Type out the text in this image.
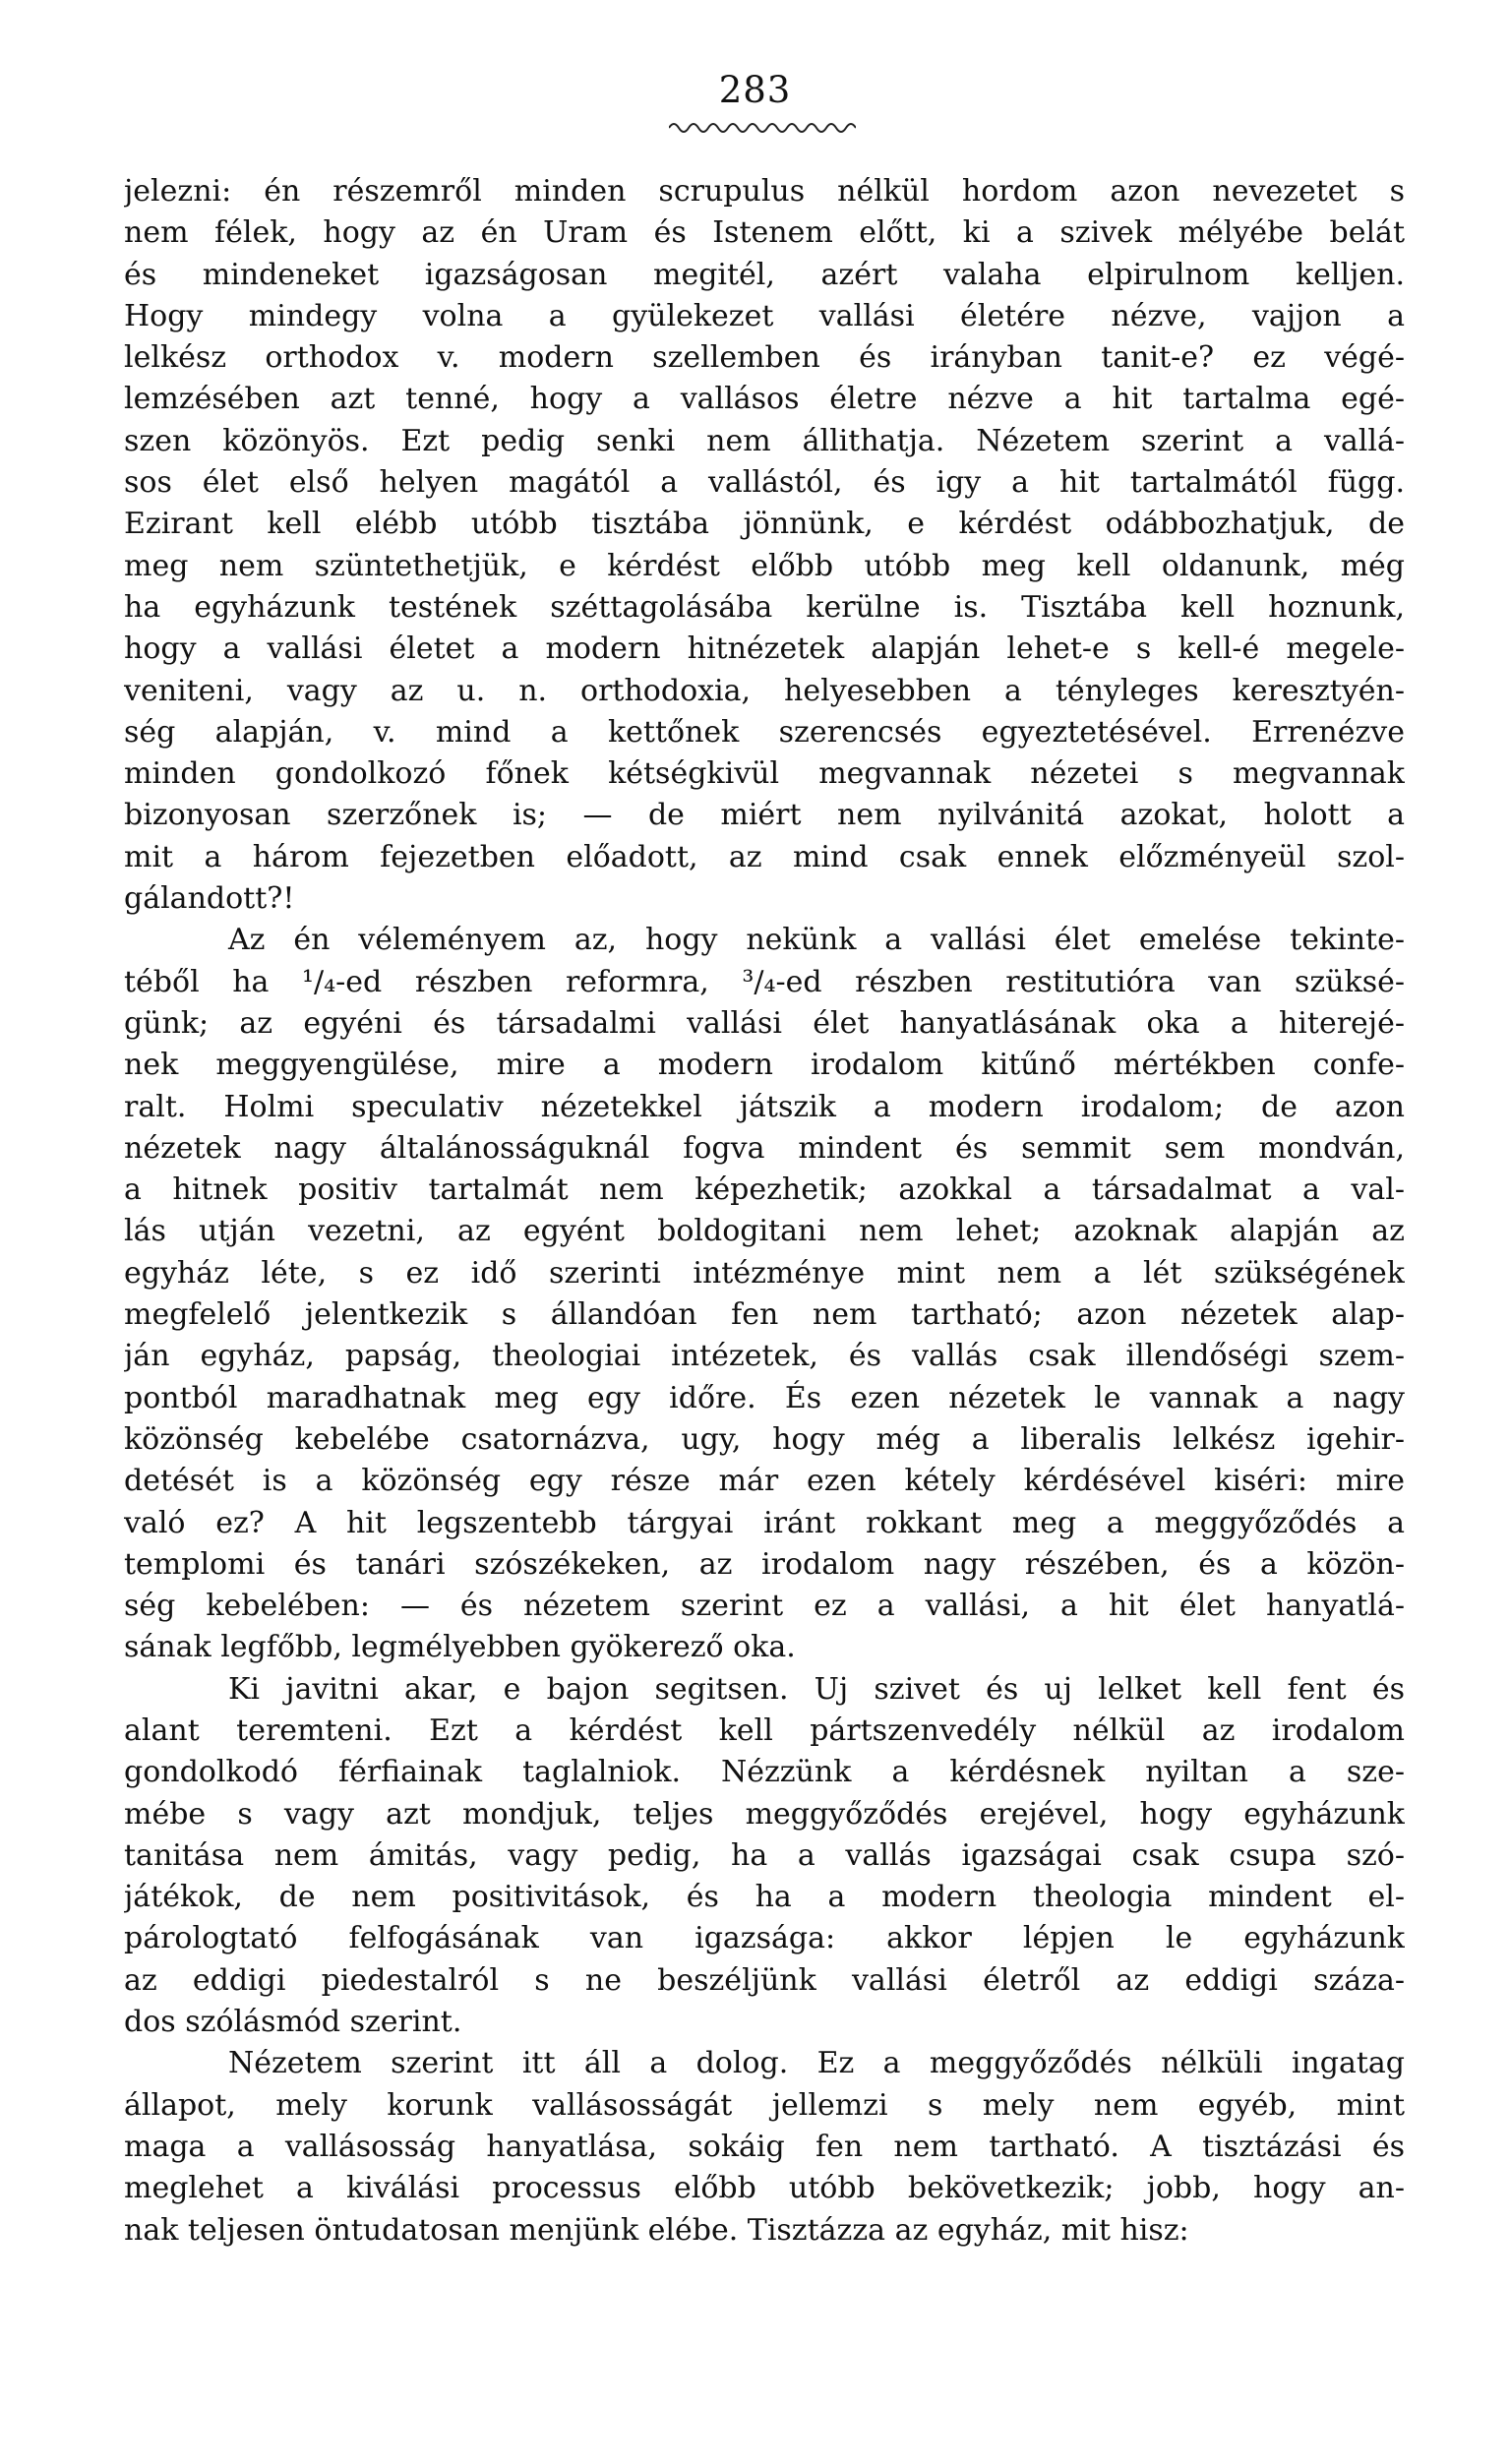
283
jelezni: én részemről minden scrupulus nélkül hordom azon nevezetet s
nem félek, hogy az én Uram és Istenem előtt, ki a szivek mélyébe belát
és mindeneket igazságosan megitél, azért valaha elpirulnom kelljen.
Hogy mindegy volna a gyülekezet vallási életére nézve, vajjon a
lelkész orthodox v. modern szellemben és irányban tanit-e? ez végé-
lemzésében azt tenné, hogy a vallásos életre nézve a hit tartalma egé-
szen közönyös. Ezt pedig senki nem állithatja. Nézetem szerint a vallá-
sos élet első helyen magától a vallástól, és igy a hit tartalmától függ.
Ezirant kell elébb utóbb tisztába jönnünk, e kérdést odábbozhatjuk, de
meg nem szüntethetjük, e kérdést előbb utóbb meg kell oldanunk, még
ha egyházunk testének széttagolásába kerülne is. Tisztába kell hoznunk,
hogy a vallási életet a modern hitnézetek alapján lehet-e s kell-é megele-
veniteni, vagy az u. n. orthodoxia, helyesebben a tényleges keresztyén-
ség alapján, v. mind a kettőnek szerencsés egyeztetésével. Errenézve
minden gondolkozó főnek kétségkivül megvannak nézetei s megvannak
bizonyosan szerzőnek is; — de miért nem nyilvánitá azokat, holott a
mit a három fejezetben előadott, az mind csak ennek előzményeül szol-
gálandott?!
Az én véleményem az, hogy nekünk a vallási élet emelése tekinte-
téből ha ¹/₄-ed részben reformra, ³/₄-ed részben restitutióra van szüksé-
günk; az egyéni és társadalmi vallási élet hanyatlásának oka a hiterejé-
nek meggyengülése, mire a modern irodalom kitűnő mértékben confe-
ralt. Holmi speculativ nézetekkel játszik a modern irodalom; de azon
nézetek nagy általánosságuknál fogva mindent és semmit sem mondván,
a hitnek positiv tartalmát nem képezhetik; azokkal a társadalmat a val-
lás utján vezetni, az egyént boldogitani nem lehet; azoknak alapján az
egyház léte, s ez idő szerinti intézménye mint nem a lét szükségének
megfelelő jelentkezik s állandóan fen nem tartható; azon nézetek alap-
ján egyház, papság, theologiai intézetek, és vallás csak illendőségi szem-
pontból maradhatnak meg egy időre. És ezen nézetek le vannak a nagy
közönség kebelébe csatornázva, ugy, hogy még a liberalis lelkész igehir-
detését is a közönség egy része már ezen kétely kérdésével kiséri: mire
való ez? A hit legszentebb tárgyai iránt rokkant meg a meggyőződés a
templomi és tanári szószékeken, az irodalom nagy részében, és a közön-
ség kebelében: — és nézetem szerint ez a vallási, a hit élet hanyatlá-
sának legfőbb, legmélyebben gyökerező oka.
Ki javitni akar, e bajon segitsen. Uj szivet és uj lelket kell fent és
alant teremteni. Ezt a kérdést kell pártszenvedély nélkül az irodalom
gondolkodó férfiainak taglalniok. Nézzünk a kérdésnek nyiltan a sze-
mébe s vagy azt mondjuk, teljes meggyőződés erejével, hogy egyházunk
tanitása nem ámitás, vagy pedig, ha a vallás igazságai csak csupa szó-
játékok, de nem positivitások, és ha a modern theologia mindent el-
párologtató felfogásának van igazsága: akkor lépjen le egyházunk
az eddigi piedestalról s ne beszéljünk vallási életről az eddigi száza-
dos szólásmód szerint.
Nézetem szerint itt áll a dolog. Ez a meggyőződés nélküli ingatag
állapot, mely korunk vallásosságát jellemzi s mely nem egyéb, mint
maga a vallásosság hanyatlása, sokáig fen nem tartható. A tisztázási és
meglehet a kiválási processus előbb utóbb bekövetkezik; jobb, hogy an-
nak teljesen öntudatosan menjünk elébe. Tisztázza az egyház, mit hisz:
